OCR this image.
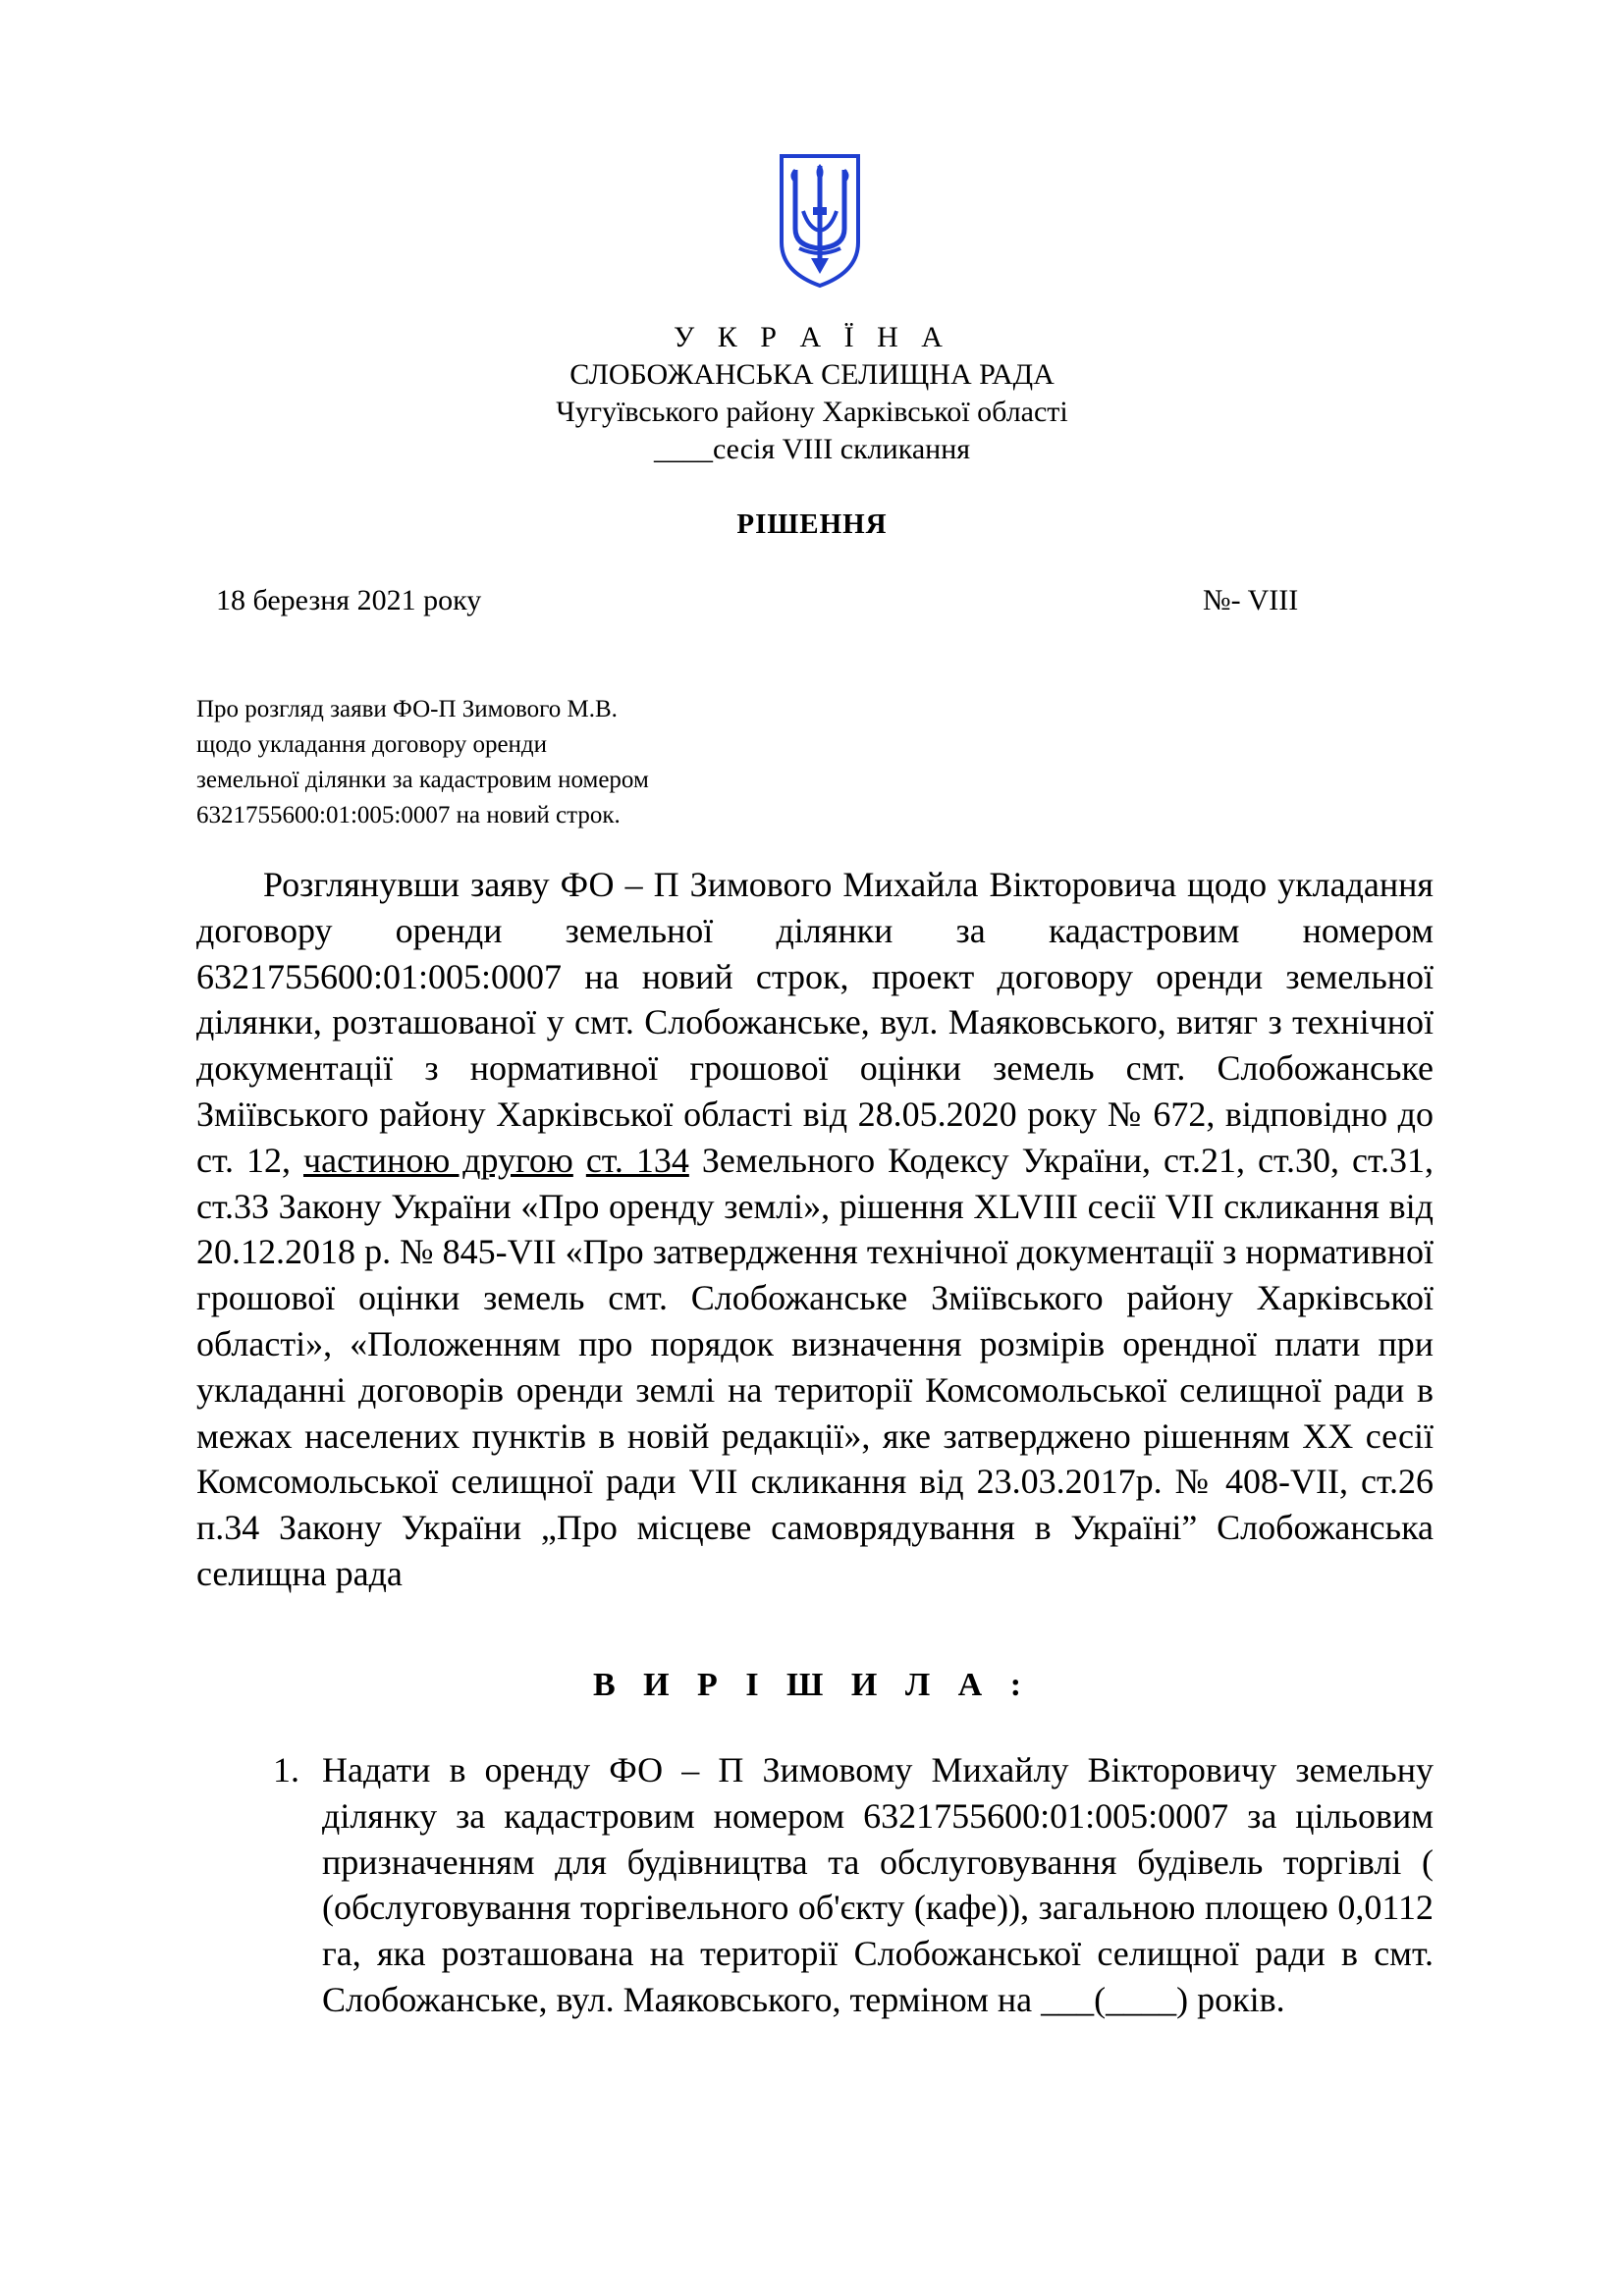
У К Р А Ї Н А
СЛОБОЖАНСЬКА СЕЛИЩНА РАДА
Чугуївського району Харківської області
____сесія VIII скликання
РІШЕННЯ
18 березня 2021 року	№- VIII
Про розгляд заяви ФО-П Зимового М.В.
щодо укладання договору оренди
земельної ділянки за кадастровим номером
6321755600:01:005:0007 на новий строк.

Розглянувши заяву ФО – П Зимового Михайла Вікторовича щодо укладання договору оренди земельної ділянки за кадастровим номером 6321755600:01:005:0007 на новий строк, проект договору оренди земельної ділянки, розташованої у смт. Слобожанське, вул. Маяковського, витяг з технічної документації з нормативної грошової оцінки земель смт. Слобожанське Зміївського району Харківської області від 28.05.2020 року № 672, відповідно до ст. 12, частиною другою ст. 134 Земельного Кодексу України, ст.21, ст.30, ст.31, ст.33 Закону України «Про оренду землі», рішення XLVIII сесії VII скликання від 20.12.2018 р. № 845-VII «Про затвердження технічної документації з нормативної грошової оцінки земель смт. Слобожанське Зміївського району Харківської області», «Положенням про порядок визначення розмірів орендної плати при укладанні договорів оренди землі на території Комсомольської селищної ради в межах населених пунктів в новій редакції», яке затверджено рішенням XX сесії Комсомольської селищної ради VII скликання від 23.03.2017р. № 408-VII, ст.26 п.34 Закону України „Про місцеве самоврядування в Україні” Слобожанська селищна рада

В И Р І Ш И Л А :
1. Надати в оренду ФО – П Зимовому Михайлу Вікторовичу земельну ділянку за кадастровим номером 6321755600:01:005:0007 за цільовим призначенням для будівництва та обслуговування будівель торгівлі ( (обслуговування торгівельного об'єкту (кафе)), загальною площею 0,0112 га, яка розташована на території Слобожанської селищної ради в смт. Слобожанське, вул. Маяковського, терміном на ___(____) років.
